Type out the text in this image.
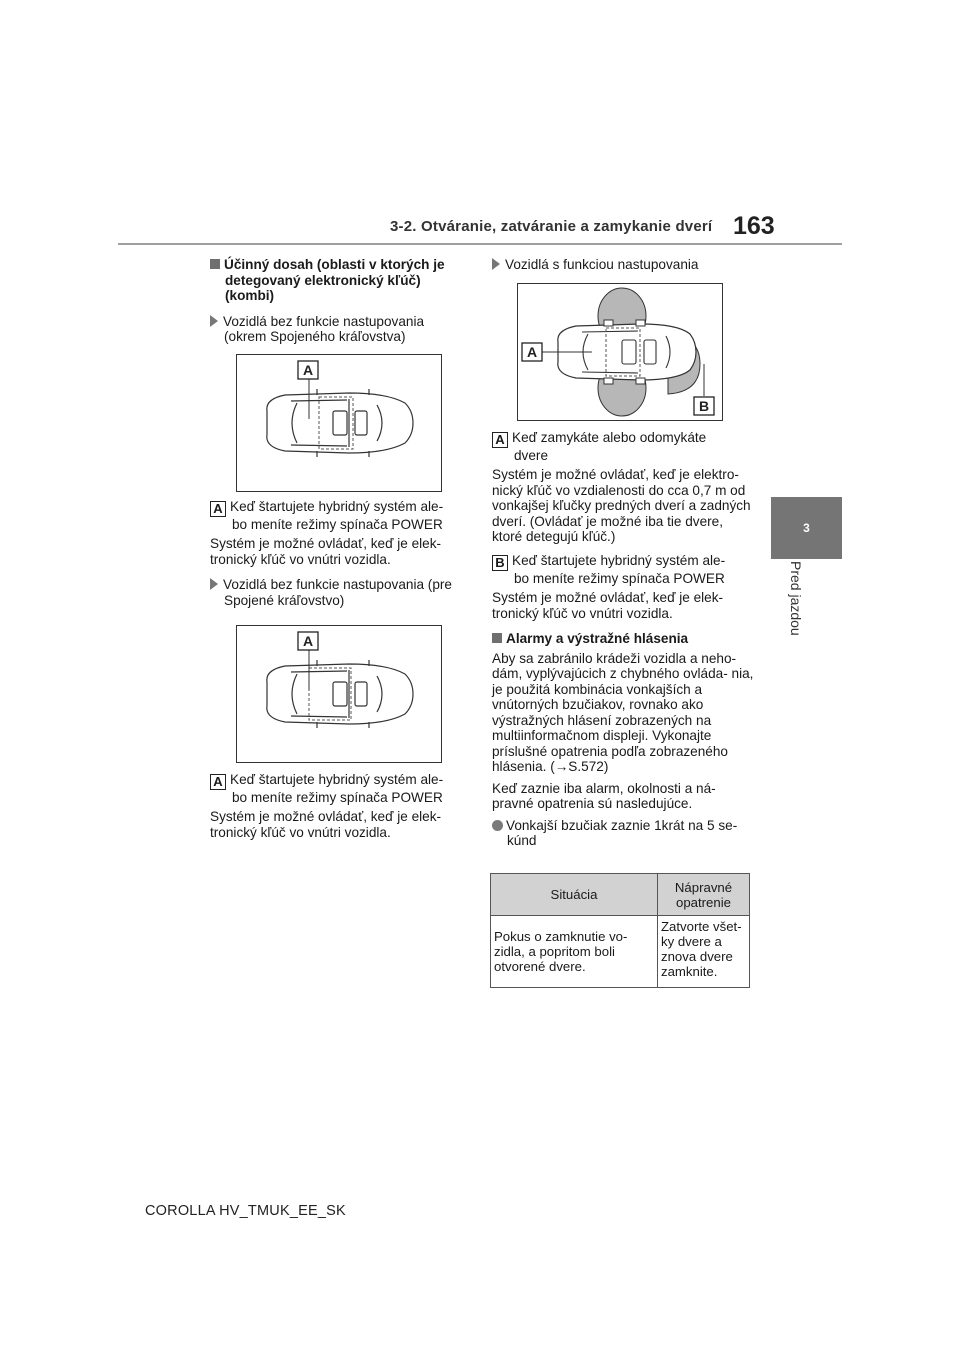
3-2. Otváranie, zatváranie a zamykanie dverí 163
3
Pred jazdou

Účinný dosah (oblasti v ktorých je detegovaný elektronický kľúč) (kombi)

Vozidlá bez funkcie nastupovania (okrem Spojeného kráľovstva)

A

A Keď štartujete hybridný systém ale-

bo meníte režimy spínača POWER

Systém je možné ovládať, keď je elek- tronický kľúč vo vnútri vozidla.

Vozidlá bez funkcie nastupovania (pre Spojené kráľovstvo)

A

A Keď štartujete hybridný systém ale-

bo meníte režimy spínača POWER

Systém je možné ovládať, keď je elek- tronický kľúč vo vnútri vozidla.

Vozidlá s funkciou nastupovania

A
B

A Keď zamykáte alebo odomykáte

dvere

Systém je možné ovládať, keď je elektro- nický kľúč vo vzdialenosti do cca 0,7 m od vonkajšej kľučky predných dverí a zadných dverí. (Ovládať je možné iba tie dvere, ktoré detegujú kľúč.)

B Keď štartujete hybridný systém ale-

bo meníte režimy spínača POWER

Systém je možné ovládať, keď je elek- tronický kľúč vo vnútri vozidla.

Alarmy a výstražné hlásenia

Aby sa zabránilo krádeži vozidla a neho- dám, vyplývajúcich z chybného ovláda- nia, je použitá kombinácia vonkajších a vnútorných bzučiakov, rovnako ako výstražných hlásení zobrazených na multiinformačnom displeji. Vykonajte príslušné opatrenia podľa zobrazeného hlásenia. (→S.572)

Keď zaznie iba alarm, okolnosti a ná- pravné opatrenia sú nasledujúce.

Vonkajší bzučiak zaznie 1krát na 5 se- kúnd

Situácia	Nápravné opatrenie
Pokus o zamknutie vo- zidla, a popritom boli otvorené dvere.	Zatvorte všet- ky dvere a znova dvere zamknite.
COROLLA HV_TMUK_EE_SK
